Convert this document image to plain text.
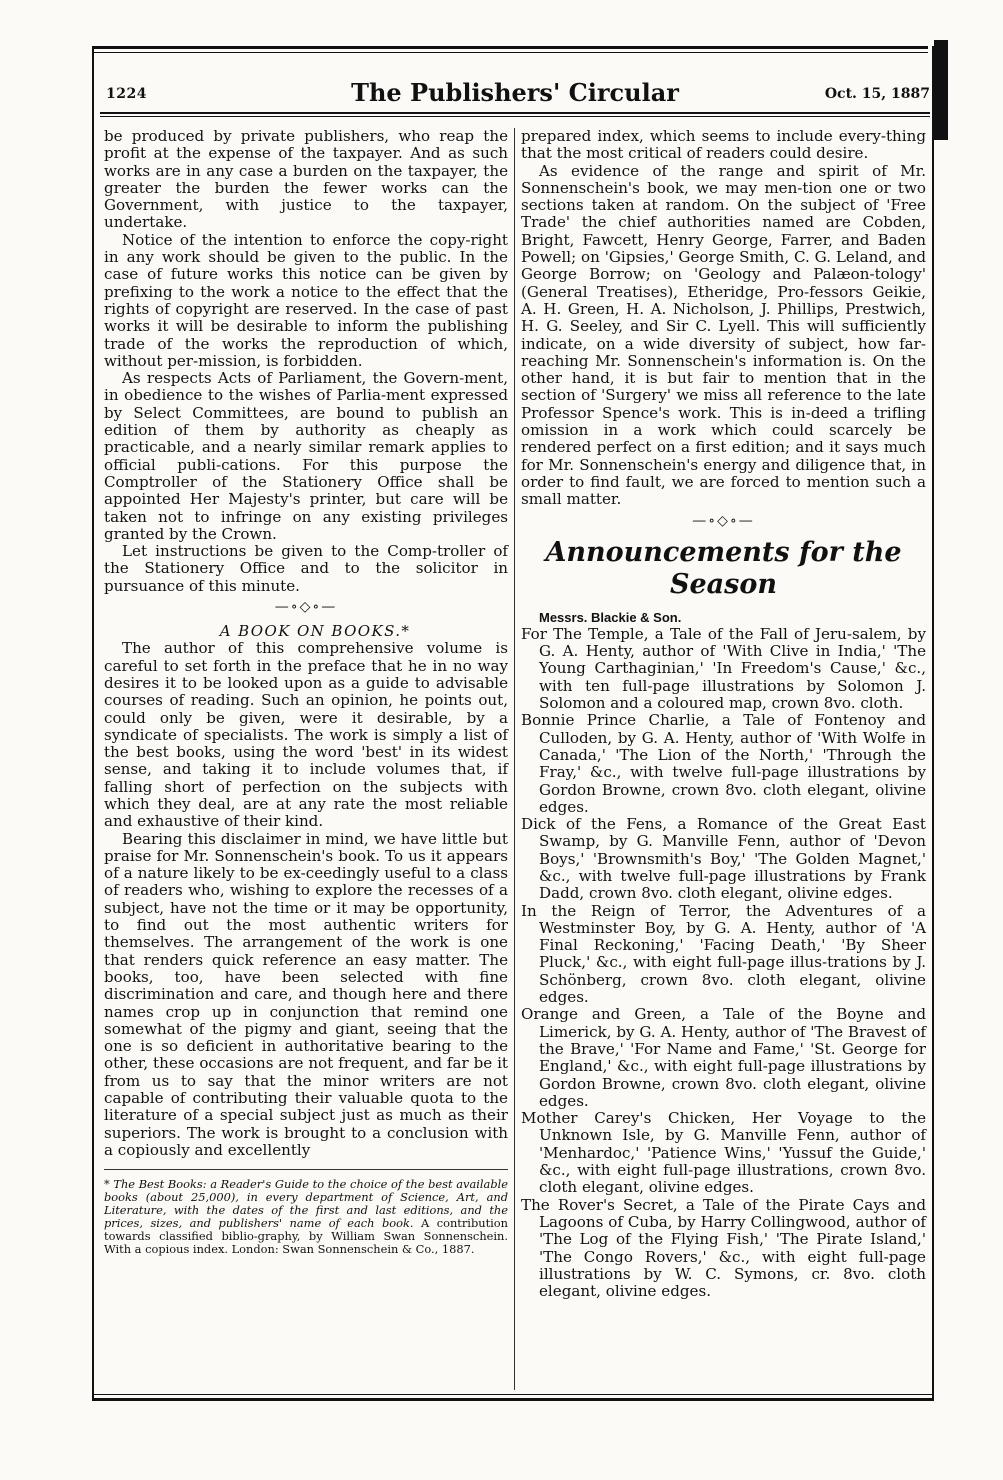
1224	The Publishers' Circular	Oct. 15, 1887

be produced by private publishers, who reap the profit at the expense of the taxpayer. And as such works are in any case a burden on the taxpayer, the greater the burden the fewer works can the Government, with justice to the taxpayer, undertake.

Notice of the intention to enforce the copy-right in any work should be given to the public. In the case of future works this notice can be given by prefixing to the work a notice to the effect that the rights of copyright are reserved. In the case of past works it will be desirable to inform the publishing trade of the works the reproduction of which, without per-mission, is forbidden.

As respects Acts of Parliament, the Govern-ment, in obedience to the wishes of Parlia-ment expressed by Select Committees, are bound to publish an edition of them by authority as cheaply as practicable, and a nearly similar remark applies to official publi-cations. For this purpose the Comptroller of the Stationery Office shall be appointed Her Majesty's printer, but care will be taken not to infringe on any existing privileges granted by the Crown.

Let instructions be given to the Comp-troller of the Stationery Office and to the solicitor in pursuance of this minute.

—∘◇∘—

A BOOK ON BOOKS.*

The author of this comprehensive volume is careful to set forth in the preface that he in no way desires it to be looked upon as a guide to advisable courses of reading. Such an opinion, he points out, could only be given, were it desirable, by a syndicate of specialists. The work is simply a list of the best books, using the word 'best' in its widest sense, and taking it to include volumes that, if falling short of perfection on the subjects with which they deal, are at any rate the most reliable and exhaustive of their kind.

Bearing this disclaimer in mind, we have little but praise for Mr. Sonnenschein's book. To us it appears of a nature likely to be ex-ceedingly useful to a class of readers who, wishing to explore the recesses of a subject, have not the time or it may be opportunity, to find out the most authentic writers for themselves. The arrangement of the work is one that renders quick reference an easy matter. The books, too, have been selected with fine discrimination and care, and though here and there names crop up in conjunction that remind one somewhat of the pigmy and giant, seeing that the one is so deficient in authoritative bearing to the other, these occasions are not frequent, and far be it from us to say that the minor writers are not capable of contributing their valuable quota to the literature of a special subject just as much as their superiors. The work is brought to a conclusion with a copiously and excellently

* The Best Books: a Reader's Guide to the choice of the best available books (about 25,000), in every department of Science, Art, and Literature, with the dates of the first and last editions, and the prices, sizes, and publishers' name of each book. A contribution towards classified biblio-graphy, by William Swan Sonnenschein. With a copious index. London: Swan Sonnenschein & Co., 1887.

prepared index, which seems to include every-thing that the most critical of readers could desire.

As evidence of the range and spirit of Mr. Sonnenschein's book, we may men-tion one or two sections taken at random. On the subject of 'Free Trade' the chief authorities named are Cobden, Bright, Fawcett, Henry George, Farrer, and Baden Powell; on 'Gipsies,' George Smith, C. G. Leland, and George Borrow; on 'Geology and Palæon-tology' (General Treatises), Etheridge, Pro-fessors Geikie, A. H. Green, H. A. Nicholson, J. Phillips, Prestwich, H. G. Seeley, and Sir C. Lyell. This will sufficiently indicate, on a wide diversity of subject, how far-reaching Mr. Sonnenschein's information is. On the other hand, it is but fair to mention that in the section of 'Surgery' we miss all reference to the late Professor Spence's work. This is in-deed a trifling omission in a work which could scarcely be rendered perfect on a first edition; and it says much for Mr. Sonnenschein's energy and diligence that, in order to find fault, we are forced to mention such a small matter.

—∘◇∘—
Announcements for the
Season

Messrs. Blackie & Son.

For The Temple, a Tale of the Fall of Jeru-salem, by G. A. Henty, author of 'With Clive in India,' 'The Young Carthaginian,' 'In Freedom's Cause,' &c., with ten full-page illustrations by Solomon J. Solomon and a coloured map, crown 8vo. cloth.

Bonnie Prince Charlie, a Tale of Fontenoy and Culloden, by G. A. Henty, author of 'With Wolfe in Canada,' 'The Lion of the North,' 'Through the Fray,' &c., with twelve full-page illustrations by Gordon Browne, crown 8vo. cloth elegant, olivine edges.

Dick of the Fens, a Romance of the Great East Swamp, by G. Manville Fenn, author of 'Devon Boys,' 'Brownsmith's Boy,' 'The Golden Magnet,' &c., with twelve full-page illustrations by Frank Dadd, crown 8vo. cloth elegant, olivine edges.

In the Reign of Terror, the Adventures of a Westminster Boy, by G. A. Henty, author of 'A Final Reckoning,' 'Facing Death,' 'By Sheer Pluck,' &c., with eight full-page illus-trations by J. Schönberg, crown 8vo. cloth elegant, olivine edges.

Orange and Green, a Tale of the Boyne and Limerick, by G. A. Henty, author of 'The Bravest of the Brave,' 'For Name and Fame,' 'St. George for England,' &c., with eight full-page illustrations by Gordon Browne, crown 8vo. cloth elegant, olivine edges.

Mother Carey's Chicken, Her Voyage to the Unknown Isle, by G. Manville Fenn, author of 'Menhardoc,' 'Patience Wins,' 'Yussuf the Guide,' &c., with eight full-page illustrations, crown 8vo. cloth elegant, olivine edges.

The Rover's Secret, a Tale of the Pirate Cays and Lagoons of Cuba, by Harry Collingwood, author of 'The Log of the Flying Fish,' 'The Pirate Island,' 'The Congo Rovers,' &c., with eight full-page illustrations by W. C. Symons, cr. 8vo. cloth elegant, olivine edges.
